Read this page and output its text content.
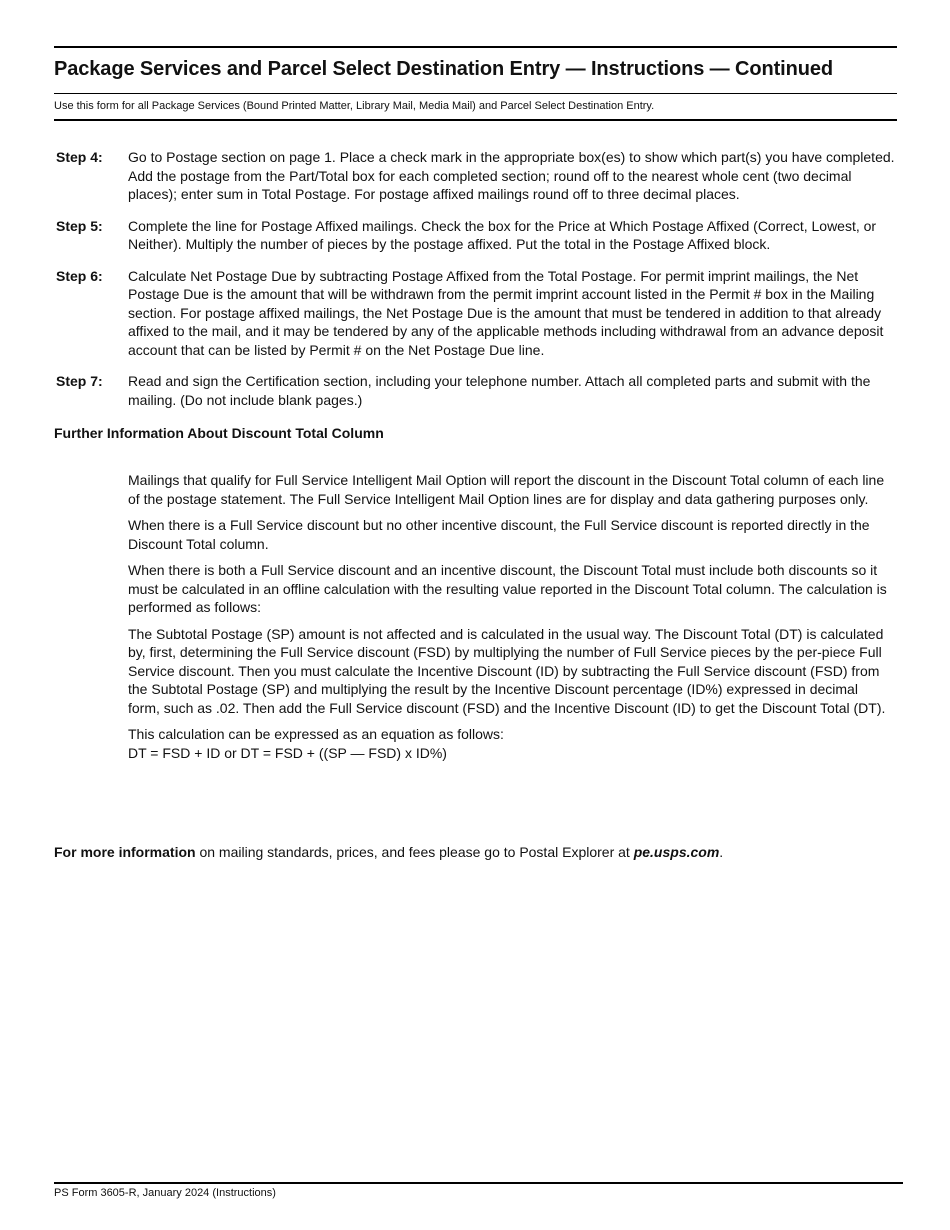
Package Services and Parcel Select Destination Entry — Instructions — Continued
Use this form for all Package Services (Bound Printed Matter, Library Mail, Media Mail) and Parcel Select Destination Entry.
Step 4:	Go to Postage section on page 1. Place a check mark in the appropriate box(es) to show which part(s) you have completed. Add the postage from the Part/Total box for each completed section; round off to the nearest whole cent (two decimal places); enter sum in Total Postage. For postage affixed mailings round off to three decimal places.
Step 5:	Complete the line for Postage Affixed mailings. Check the box for the Price at Which Postage Affixed (Correct, Lowest, or Neither). Multiply the number of pieces by the postage affixed. Put the total in the Postage Affixed block.
Step 6:	Calculate Net Postage Due by subtracting Postage Affixed from the Total Postage. For permit imprint mailings, the Net Postage Due is the amount that will be withdrawn from the permit imprint account listed in the Permit # box in the Mailing section. For postage affixed mailings, the Net Postage Due is the amount that must be tendered in addition to that already affixed to the mail, and it may be tendered by any of the applicable methods including withdrawal from an advance deposit account that can be listed by Permit # on the Net Postage Due line.
Step 7:	Read and sign the Certification section, including your telephone number. Attach all completed parts and submit with the mailing. (Do not include blank pages.)
Further Information About Discount Total Column

Mailings that qualify for Full Service Intelligent Mail Option will report the discount in the Discount Total column of each line of the postage statement. The Full Service Intelligent Mail Option lines are for display and data gathering purposes only.

When there is a Full Service discount but no other incentive discount, the Full Service discount is reported directly in the Discount Total column.

When there is both a Full Service discount and an incentive discount, the Discount Total must include both discounts so it must be calculated in an offline calculation with the resulting value reported in the Discount Total column. The calculation is performed as follows:

The Subtotal Postage (SP) amount is not affected and is calculated in the usual way. The Discount Total (DT) is calculated by, first, determining the Full Service discount (FSD) by multiplying the number of Full Service pieces by the per-piece Full Service discount. Then you must calculate the Incentive Discount (ID) by subtracting the Full Service discount (FSD) from the Subtotal Postage (SP) and multiplying the result by the Incentive Discount percentage (ID%) expressed in decimal form, such as .02. Then add the Full Service discount (FSD) and the Incentive Discount (ID) to get the Discount Total (DT).

This calculation can be expressed as an equation as follows:

DT = FSD + ID or DT = FSD + ((SP — FSD) x ID%)

For more information on mailing standards, prices, and fees please go to Postal Explorer at pe.usps.com.
PS Form 3605-R, January 2024 (Instructions)
